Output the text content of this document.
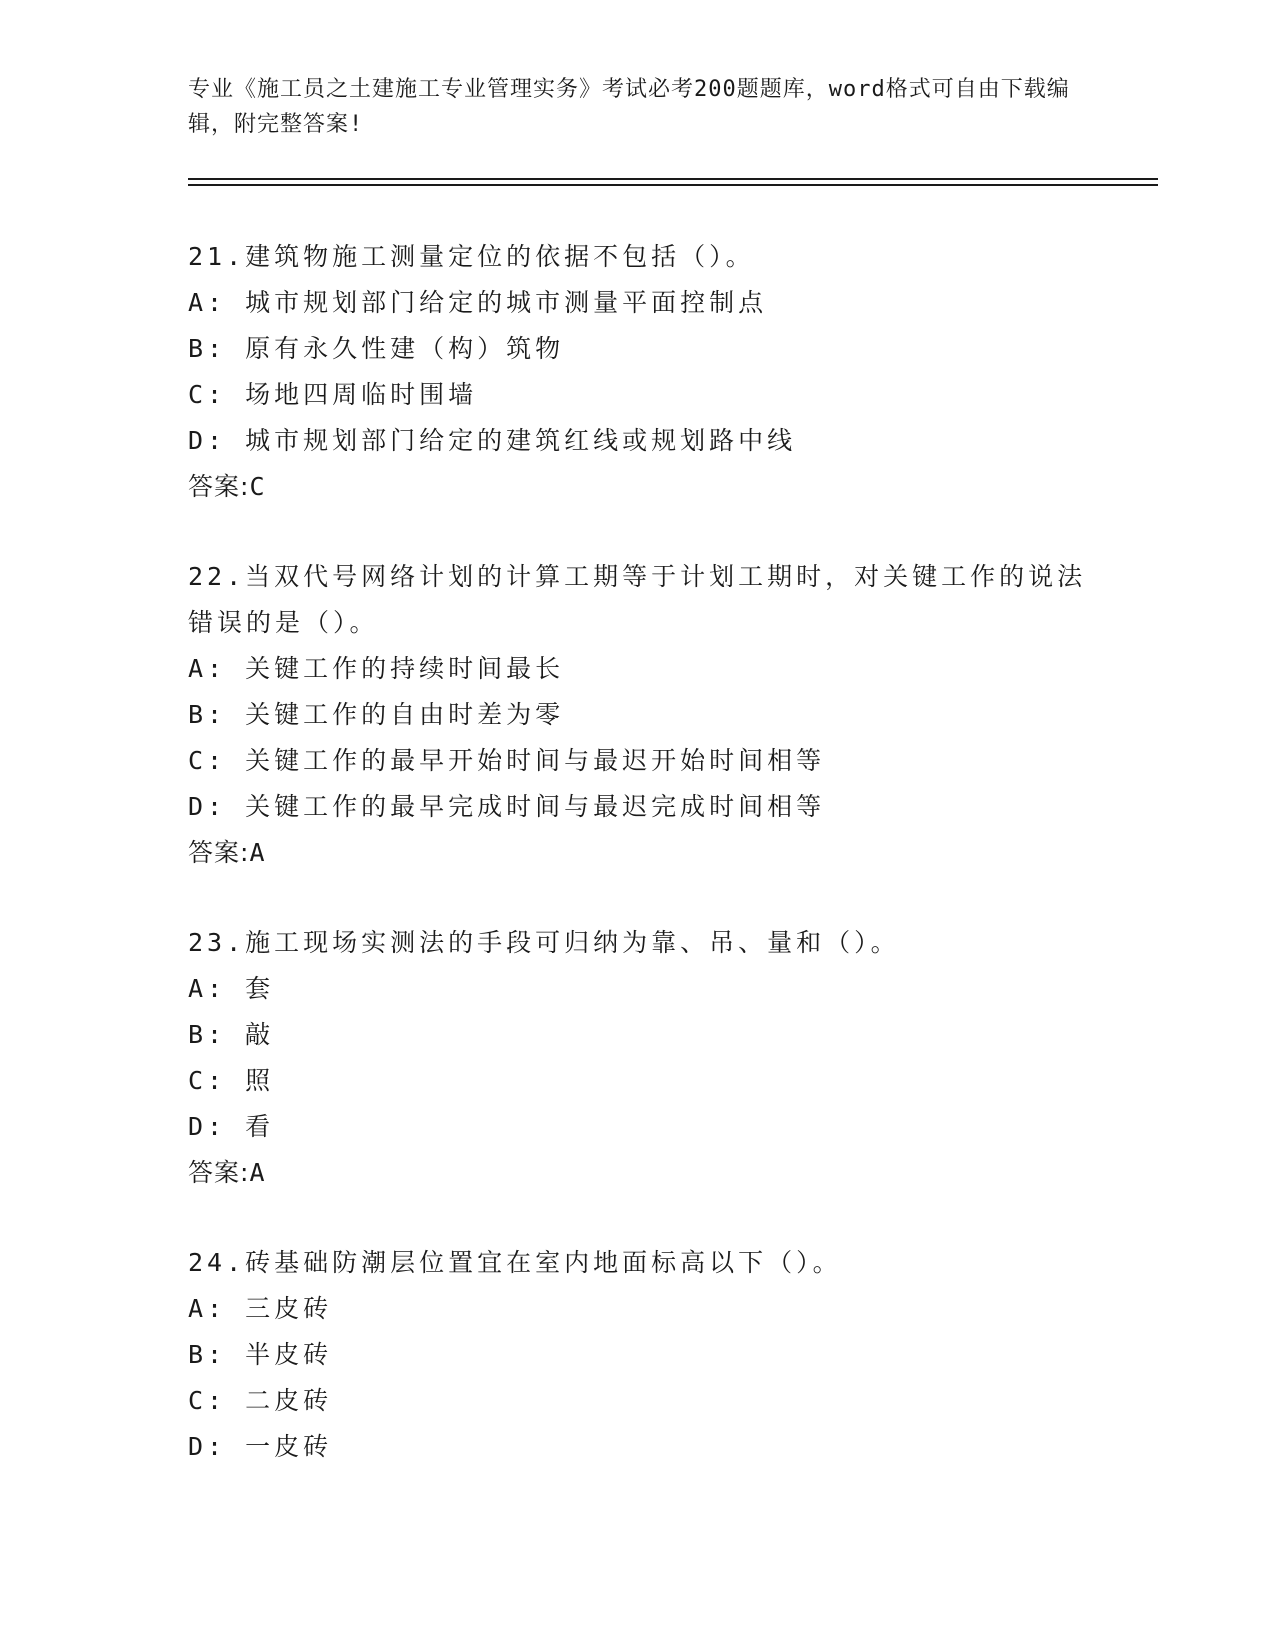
专业《施工员之土建施工专业管理实务》考试必考200题题库，word格式可自由下载编辑，附完整答案!
21.建筑物施工测量定位的依据不包括（）。
A: 城市规划部门给定的城市测量平面控制点
B: 原有永久性建（构）筑物
C: 场地四周临时围墙
D: 城市规划部门给定的建筑红线或规划路中线
答案:C
22.当双代号网络计划的计算工期等于计划工期时，对关键工作的说法错误的是（）。
A: 关键工作的持续时间最长
B: 关键工作的自由时差为零
C: 关键工作的最早开始时间与最迟开始时间相等
D: 关键工作的最早完成时间与最迟完成时间相等
答案:A
23.施工现场实测法的手段可归纳为靠、吊、量和（）。
A: 套
B: 敲
C: 照
D: 看
答案:A
24.砖基础防潮层位置宜在室内地面标高以下（）。
A: 三皮砖
B: 半皮砖
C: 二皮砖
D: 一皮砖
